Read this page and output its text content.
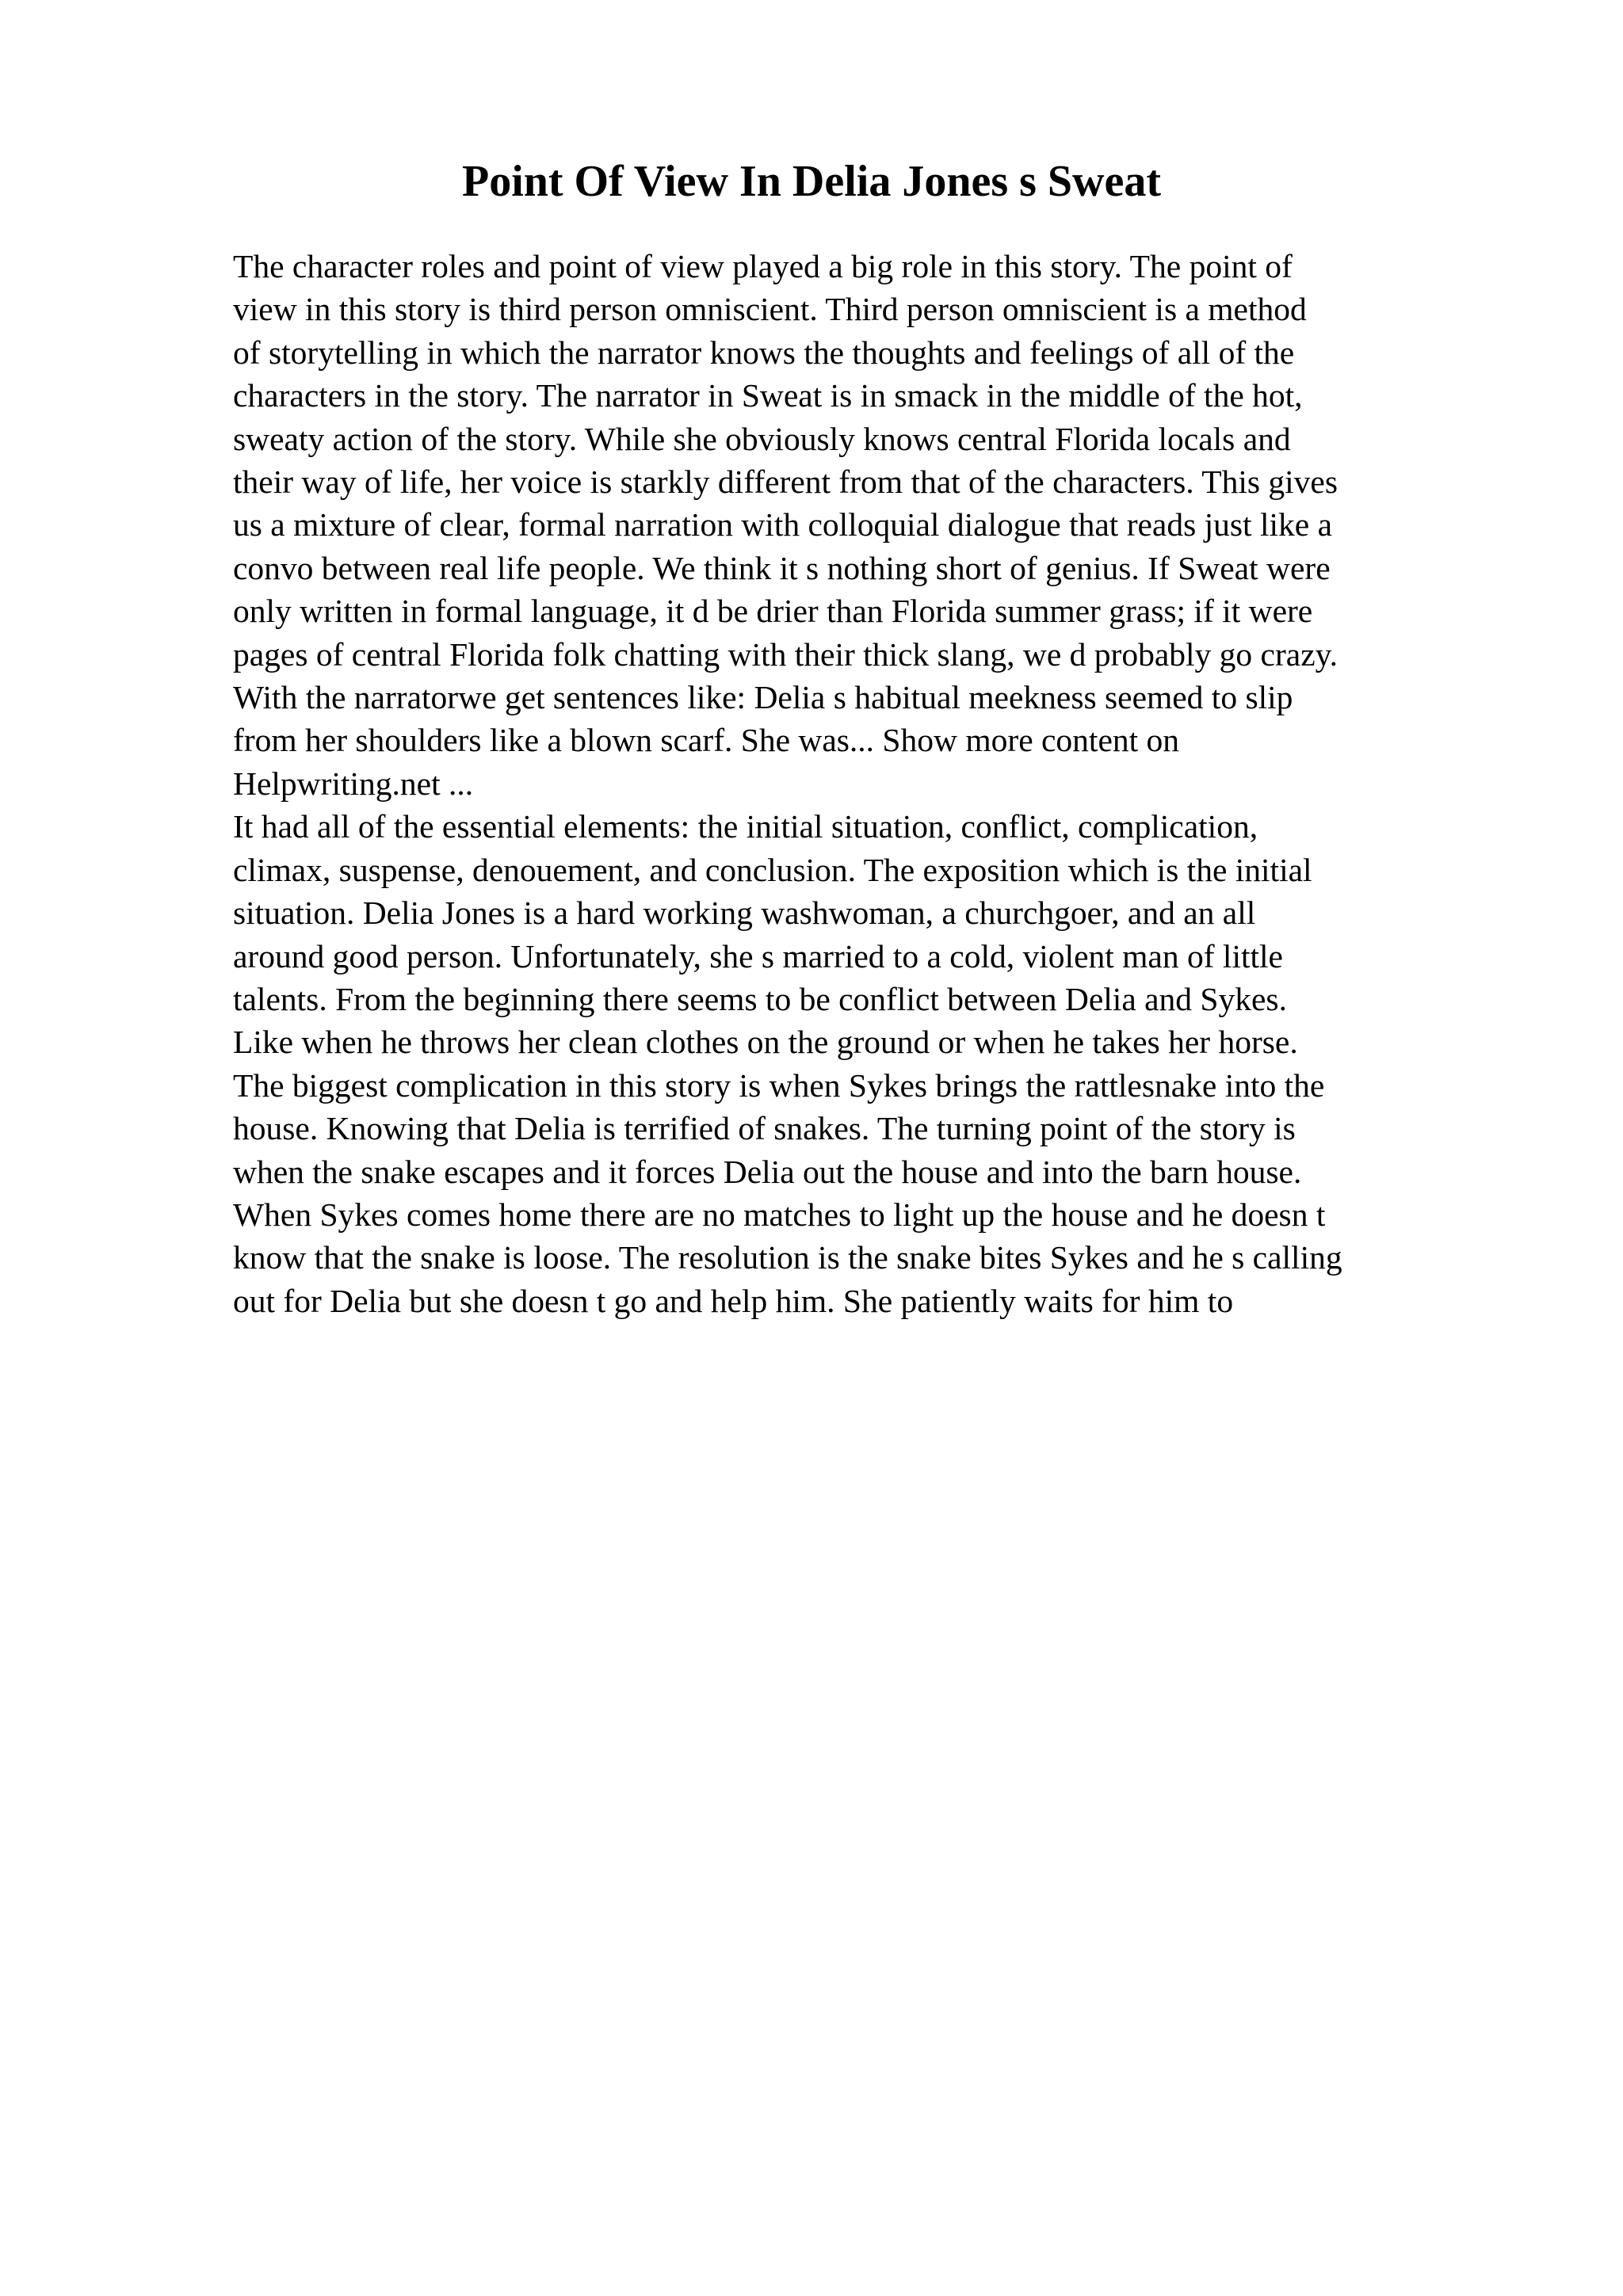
Point Of View In Delia Jones s Sweat
The character roles and point of view played a big role in this story. The point of
view in this story is third person omniscient. Third person omniscient is a method
of storytelling in which the narrator knows the thoughts and feelings of all of the
characters in the story. The narrator in Sweat is in smack in the middle of the hot,
sweaty action of the story. While she obviously knows central Florida locals and
their way of life, her voice is starkly different from that of the characters. This gives
us a mixture of clear, formal narration with colloquial dialogue that reads just like a
convo between real life people. We think it s nothing short of genius. If Sweat were
only written in formal language, it d be drier than Florida summer grass; if it were
pages of central Florida folk chatting with their thick slang, we d probably go crazy.
With the narratorwe get sentences like: Delia s habitual meekness seemed to slip
from her shoulders like a blown scarf. She was... Show more content on
Helpwriting.net ...
It had all of the essential elements: the initial situation, conflict, complication,
climax, suspense, denouement, and conclusion. The exposition which is the initial
situation. Delia Jones is a hard working washwoman, a churchgoer, and an all
around good person. Unfortunately, she s married to a cold, violent man of little
talents. From the beginning there seems to be conflict between Delia and Sykes.
Like when he throws her clean clothes on the ground or when he takes her horse.
The biggest complication in this story is when Sykes brings the rattlesnake into the
house. Knowing that Delia is terrified of snakes. The turning point of the story is
when the snake escapes and it forces Delia out the house and into the barn house.
When Sykes comes home there are no matches to light up the house and he doesn t
know that the snake is loose. The resolution is the snake bites Sykes and he s calling
out for Delia but she doesn t go and help him. She patiently waits for him to
